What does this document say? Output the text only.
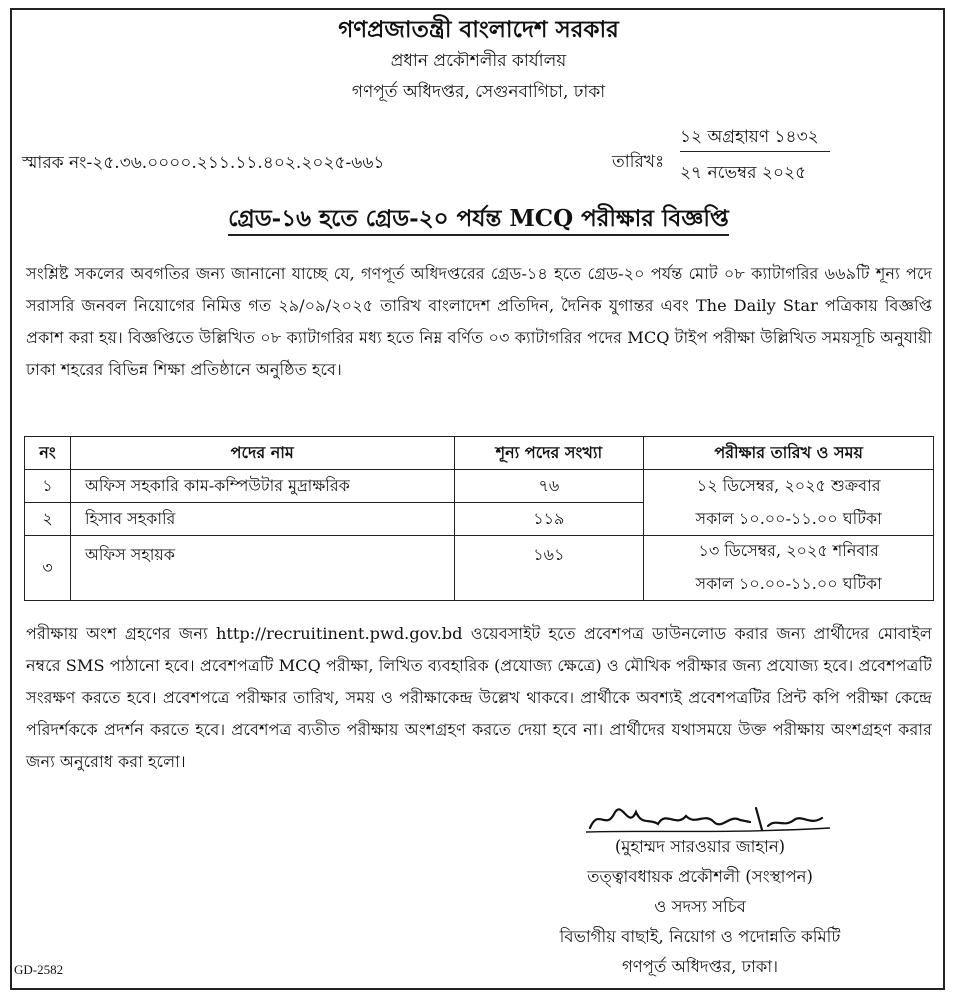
গণপ্রজাতন্ত্রী বাংলাদেশ সরকার
প্রধান প্রকৌশলীর কার্যালয়
গণপূর্ত অধিদপ্তর, সেগুনবাগিচা, ঢাকা
স্মারক নং-২৫.৩৬.০০০০.২১১.১১.৪০২.২০২৫-৬৬১	তারিখঃ
১২ অগ্রহায়ণ ১৪৩২
২৭ নভেম্বর ২০২৫
গ্রেড-১৬ হতে গ্রেড-২০ পর্যন্ত MCQ পরীক্ষার বিজ্ঞপ্তি
সংশ্লিষ্ট সকলের অবগতির জন্য জানানো যাচ্ছে যে, গণপূর্ত অধিদপ্তরের গ্রেড-১৪ হতে গ্রেড-২০ পর্যন্ত মোট ০৮ ক্যাটাগরির ৬৬৯টি শূন্য পদে সরাসরি জনবল নিয়োগের নিমিত্ত গত ২৯/০৯/২০২৫ তারিখ বাংলাদেশ প্রতিদিন, দৈনিক যুগান্তর এবং The Daily Star পত্রিকায় বিজ্ঞপ্তি প্রকাশ করা হয়। বিজ্ঞপ্তিতে উল্লিখিত ০৮ ক্যাটাগরির মধ্য হতে নিম্ন বর্ণিত ০৩ ক্যাটাগরির পদের MCQ টাইপ পরীক্ষা উল্লিখিত সময়সূচি অনুযায়ী ঢাকা শহরের বিভিন্ন শিক্ষা প্রতিষ্ঠানে অনুষ্ঠিত হবে।
নং	পদের নাম	শূন্য পদের সংখ্যা	পরীক্ষার তারিখ ও সময়
১	অফিস সহকারি কাম-কম্পিউটার মুদ্রাক্ষরিক	৭৬	১২ ডিসেম্বর, ২০২৫ শুক্রবার
সকাল ১০.০০-১১.০০ ঘটিকা

২	হিসাব সহকারি	১১৯	
৩	অফিস সহায়ক	১৬১	১৩ ডিসেম্বর, ২০২৫ শনিবার
সকাল ১০.০০-১১.০০ ঘটিকা
পরীক্ষায় অংশ গ্রহণের জন্য http://recruitinent.pwd.gov.bd ওয়েবসাইট হতে প্রবেশপত্র ডাউনলোড করার জন্য প্রার্থীদের মোবাইল নম্বরে SMS পাঠানো হবে। প্রবেশপত্রটি MCQ পরীক্ষা, লিখিত ব্যবহারিক (প্রযোজ্য ক্ষেত্রে) ও মৌখিক পরীক্ষার জন্য প্রযোজ্য হবে। প্রবেশপত্রটি সংরক্ষণ করতে হবে। প্রবেশপত্রে পরীক্ষার তারিখ, সময় ও পরীক্ষাকেন্দ্র উল্লেখ থাকবে। প্রার্থীকে অবশ্যই প্রবেশপত্রটির প্রিন্ট কপি পরীক্ষা কেন্দ্রে পরিদর্শককে প্রদর্শন করতে হবে। প্রবেশপত্র ব্যতীত পরীক্ষায় অংশগ্রহণ করতে দেয়া হবে না। প্রার্থীদের যথাসময়ে উক্ত পরীক্ষায় অংশগ্রহণ করার জন্য অনুরোধ করা হলো।
(মুহাম্মদ সারওয়ার জাহান)
তত্ত্বাবধায়ক প্রকৌশলী (সংস্থাপন)
ও সদস্য সচিব
বিভাগীয় বাছাই, নিয়োগ ও পদোন্নতি কমিটি
গণপূর্ত অধিদপ্তর, ঢাকা।
GD-2582
